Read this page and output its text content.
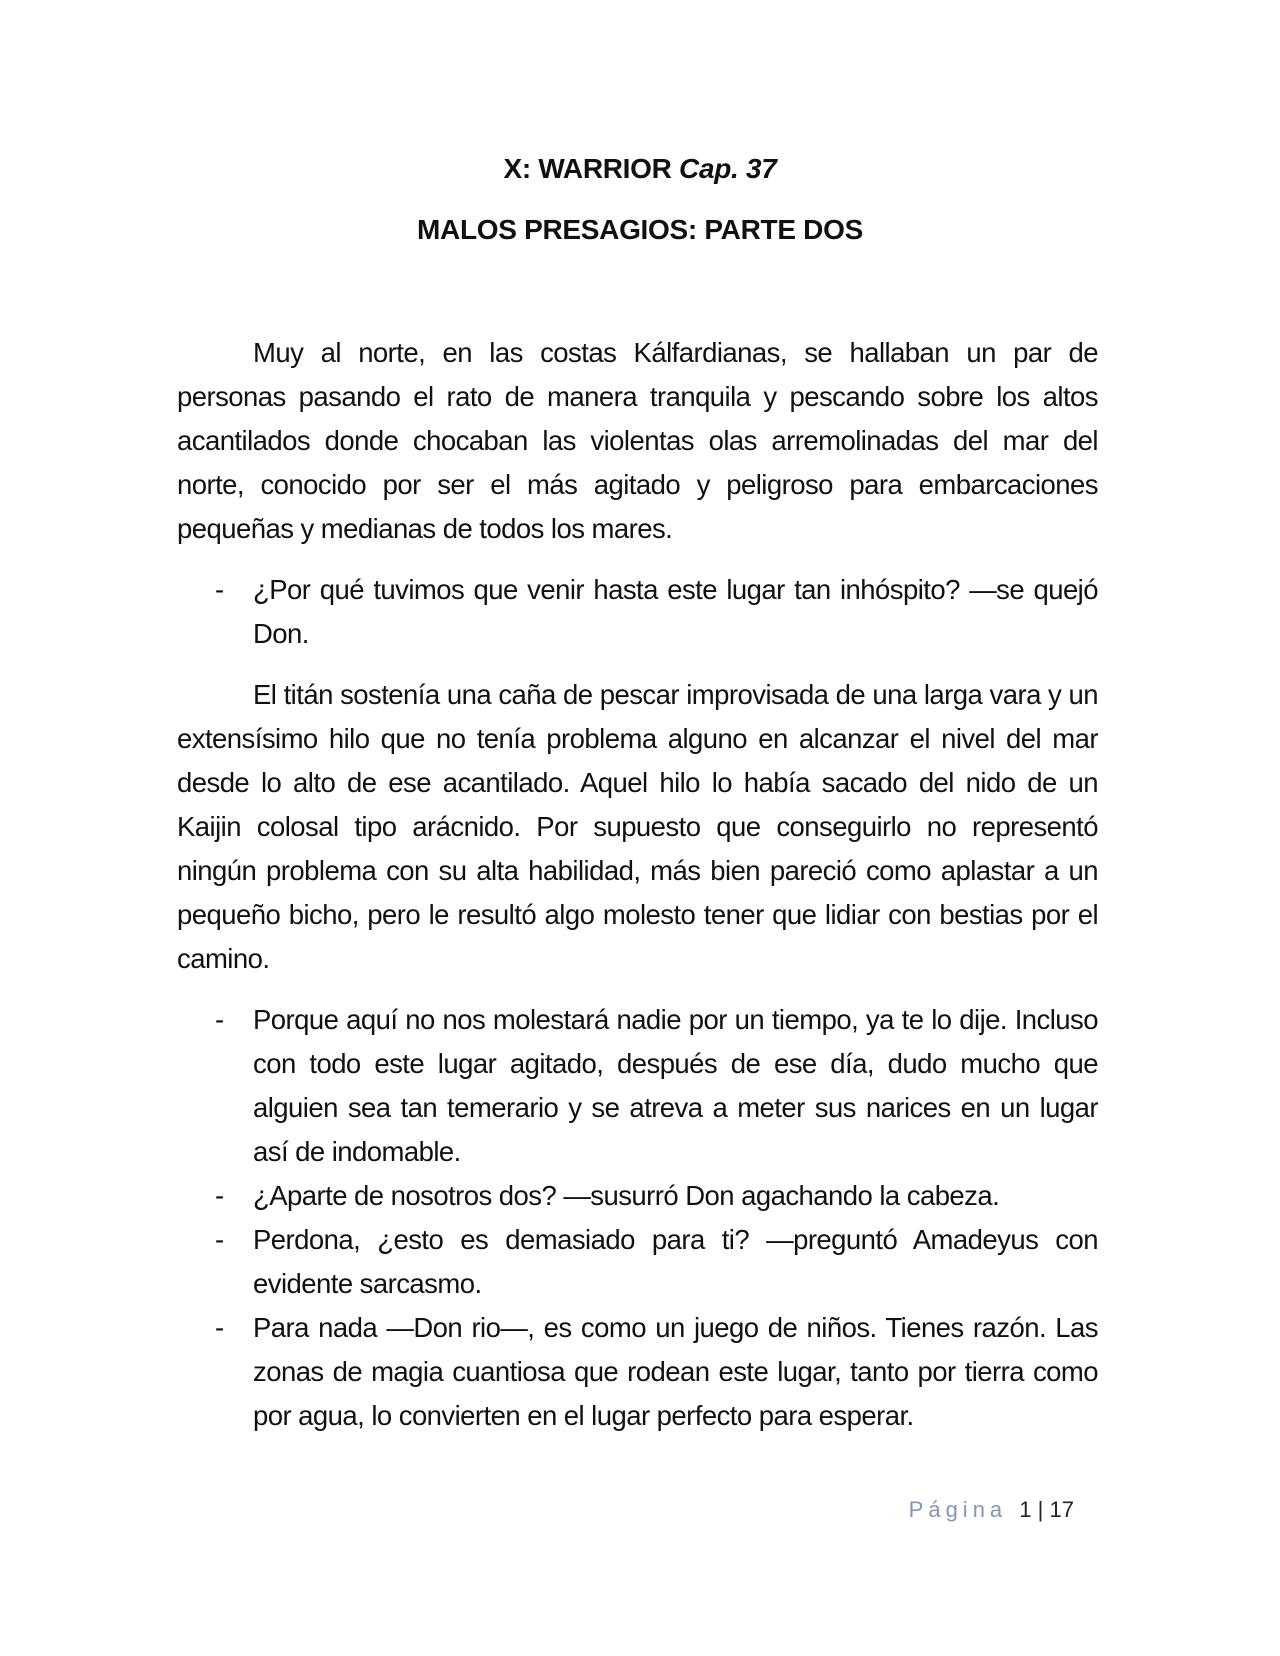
X: WARRIOR Cap. 37
MALOS PRESAGIOS: PARTE DOS

Muy al norte, en las costas Kálfardianas, se hallaban un par de personas pasando el rato de manera tranquila y pescando sobre los altos acantilados donde chocaban las violentas olas arremolinadas del mar del norte, conocido por ser el más agitado y peligroso para embarcaciones pequeñas y medianas de todos los mares.

- ¿Por qué tuvimos que venir hasta este lugar tan inhóspito? —se quejó Don.

El titán sostenía una caña de pescar improvisada de una larga vara y un extensísimo hilo que no tenía problema alguno en alcanzar el nivel del mar desde lo alto de ese acantilado. Aquel hilo lo había sacado del nido de un Kaijin colosal tipo arácnido. Por supuesto que conseguirlo no representó ningún problema con su alta habilidad, más bien pareció como aplastar a un pequeño bicho, pero le resultó algo molesto tener que lidiar con bestias por el camino.

- Porque aquí no nos molestará nadie por un tiempo, ya te lo dije. Incluso con todo este lugar agitado, después de ese día, dudo mucho que alguien sea tan temerario y se atreva a meter sus narices en un lugar así de indomable.

- ¿Aparte de nosotros dos? —susurró Don agachando la cabeza.

- Perdona, ¿esto es demasiado para ti? —preguntó Amadeyus con evidente sarcasmo.

- Para nada —Don rio—, es como un juego de niños. Tienes razón. Las zonas de magia cuantiosa que rodean este lugar, tanto por tierra como por agua, lo convierten en el lugar perfecto para esperar.

Página 1 | 17
